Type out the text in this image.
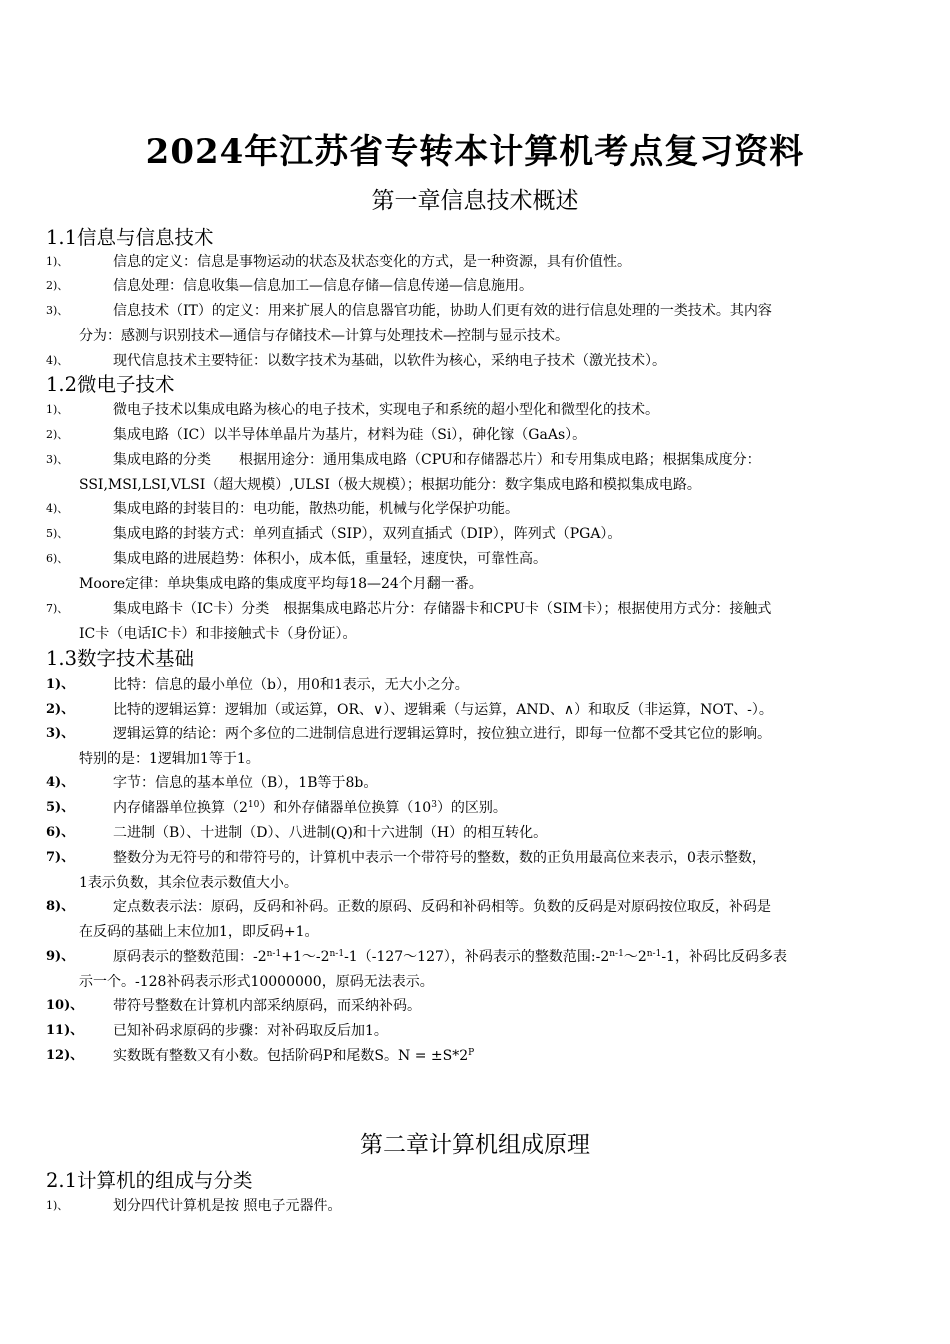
2024年江苏省专转本计算机考点复习资料
第一章信息技术概述
1.1信息与信息技术
1)、	信息的定义：信息是事物运动的状态及状态变化的方式，是一种资源，具有价值性。
2)、	信息处理：信息收集—信息加工—信息存储—信息传递—信息施用。
3)、	信息技术（IT）的定义：用来扩展人的信息器官功能，协助人们更有效的进行信息处理的一类技术。其内容
分为：感测与识别技术—通信与存储技术—计算与处理技术—控制与显示技术。
4)、	现代信息技术主要特征：以数字技术为基础，以软件为核心，采纳电子技术（激光技术）。
1.2微电子技术
1)、	微电子技术以集成电路为核心的电子技术，实现电子和系统的超小型化和微型化的技术。
2)、	集成电路（IC）以半导体单晶片为基片，材料为硅（Si），砷化镓（GaAs）。
3)、	集成电路的分类　　根据用途分：通用集成电路（CPU和存储器芯片）和专用集成电路；根据集成度分：
SSI,MSI,LSI,VLSI（超大规模）,ULSI（极大规模）；根据功能分：数字集成电路和模拟集成电路。
4)、	集成电路的封装目的：电功能，散热功能，机械与化学保护功能。
5)、	集成电路的封装方式：单列直插式（SIP），双列直插式（DIP），阵列式（PGA）。
6)、	集成电路的进展趋势：体积小，成本低，重量轻，速度快，可靠性高。
Moore定律：单块集成电路的集成度平均每18—24个月翻一番。
7)、	集成电路卡（IC卡）分类　根据集成电路芯片分：存储器卡和CPU卡（SIM卡）；根据使用方式分：接触式
IC卡（电话IC卡）和非接触式卡（身份证）。
1.3数字技术基础
1)、	比特：信息的最小单位（b），用0和1表示，无大小之分。
2)、	比特的逻辑运算：逻辑加（或运算，OR、∨）、逻辑乘（与运算，AND、∧）和取反（非运算，NOT、-）。
3)、	逻辑运算的结论：两个多位的二进制信息进行逻辑运算时，按位独立进行，即每一位都不受其它位的影响。
特别的是：1逻辑加1等于1。
4)、	字节：信息的基本单位（B），1B等于8b。
5)、	内存储器单位换算$(2^{10})$和外存储器单位换算$(10^3)$的区别。
6)、	二进制（B）、十进制（D）、八进制(Q)和十六进制（H）的相互转化。
7)、	整数分为无符号的和带符号的，计算机中表示一个带符号的整数，数的正负用最高位来表示，0表示整数，
1表示负数，其余位表示数值大小。
8)、	定点数表示法：原码，反码和补码。正数的原码、反码和补码相等。负数的反码是对原码按位取反，补码是
在反码的基础上末位加1，即反码+1。
9)、	原码表示的整数范围：$-2^{n-1}+1\sim-2^{n-1}-1(-127\sim 127)$，补码表示的整数范围:-2$^{n-1}$～2$^{n-1}$-1，补码比反码多表
示一个。-128补码表示形式10000000，原码无法表示。
10)、	带符号整数在计算机内部采纳原码，而采纳补码。
11)、	已知补码求原码的步骤：对补码取反后加1。
12)、	实数既有整数又有小数。包括阶码P和尾数S。$N = \pm S*2^P$
第二章计算机组成原理
2.1计算机的组成与分类
1)、	划分四代计算机是按 照电子元器件。
